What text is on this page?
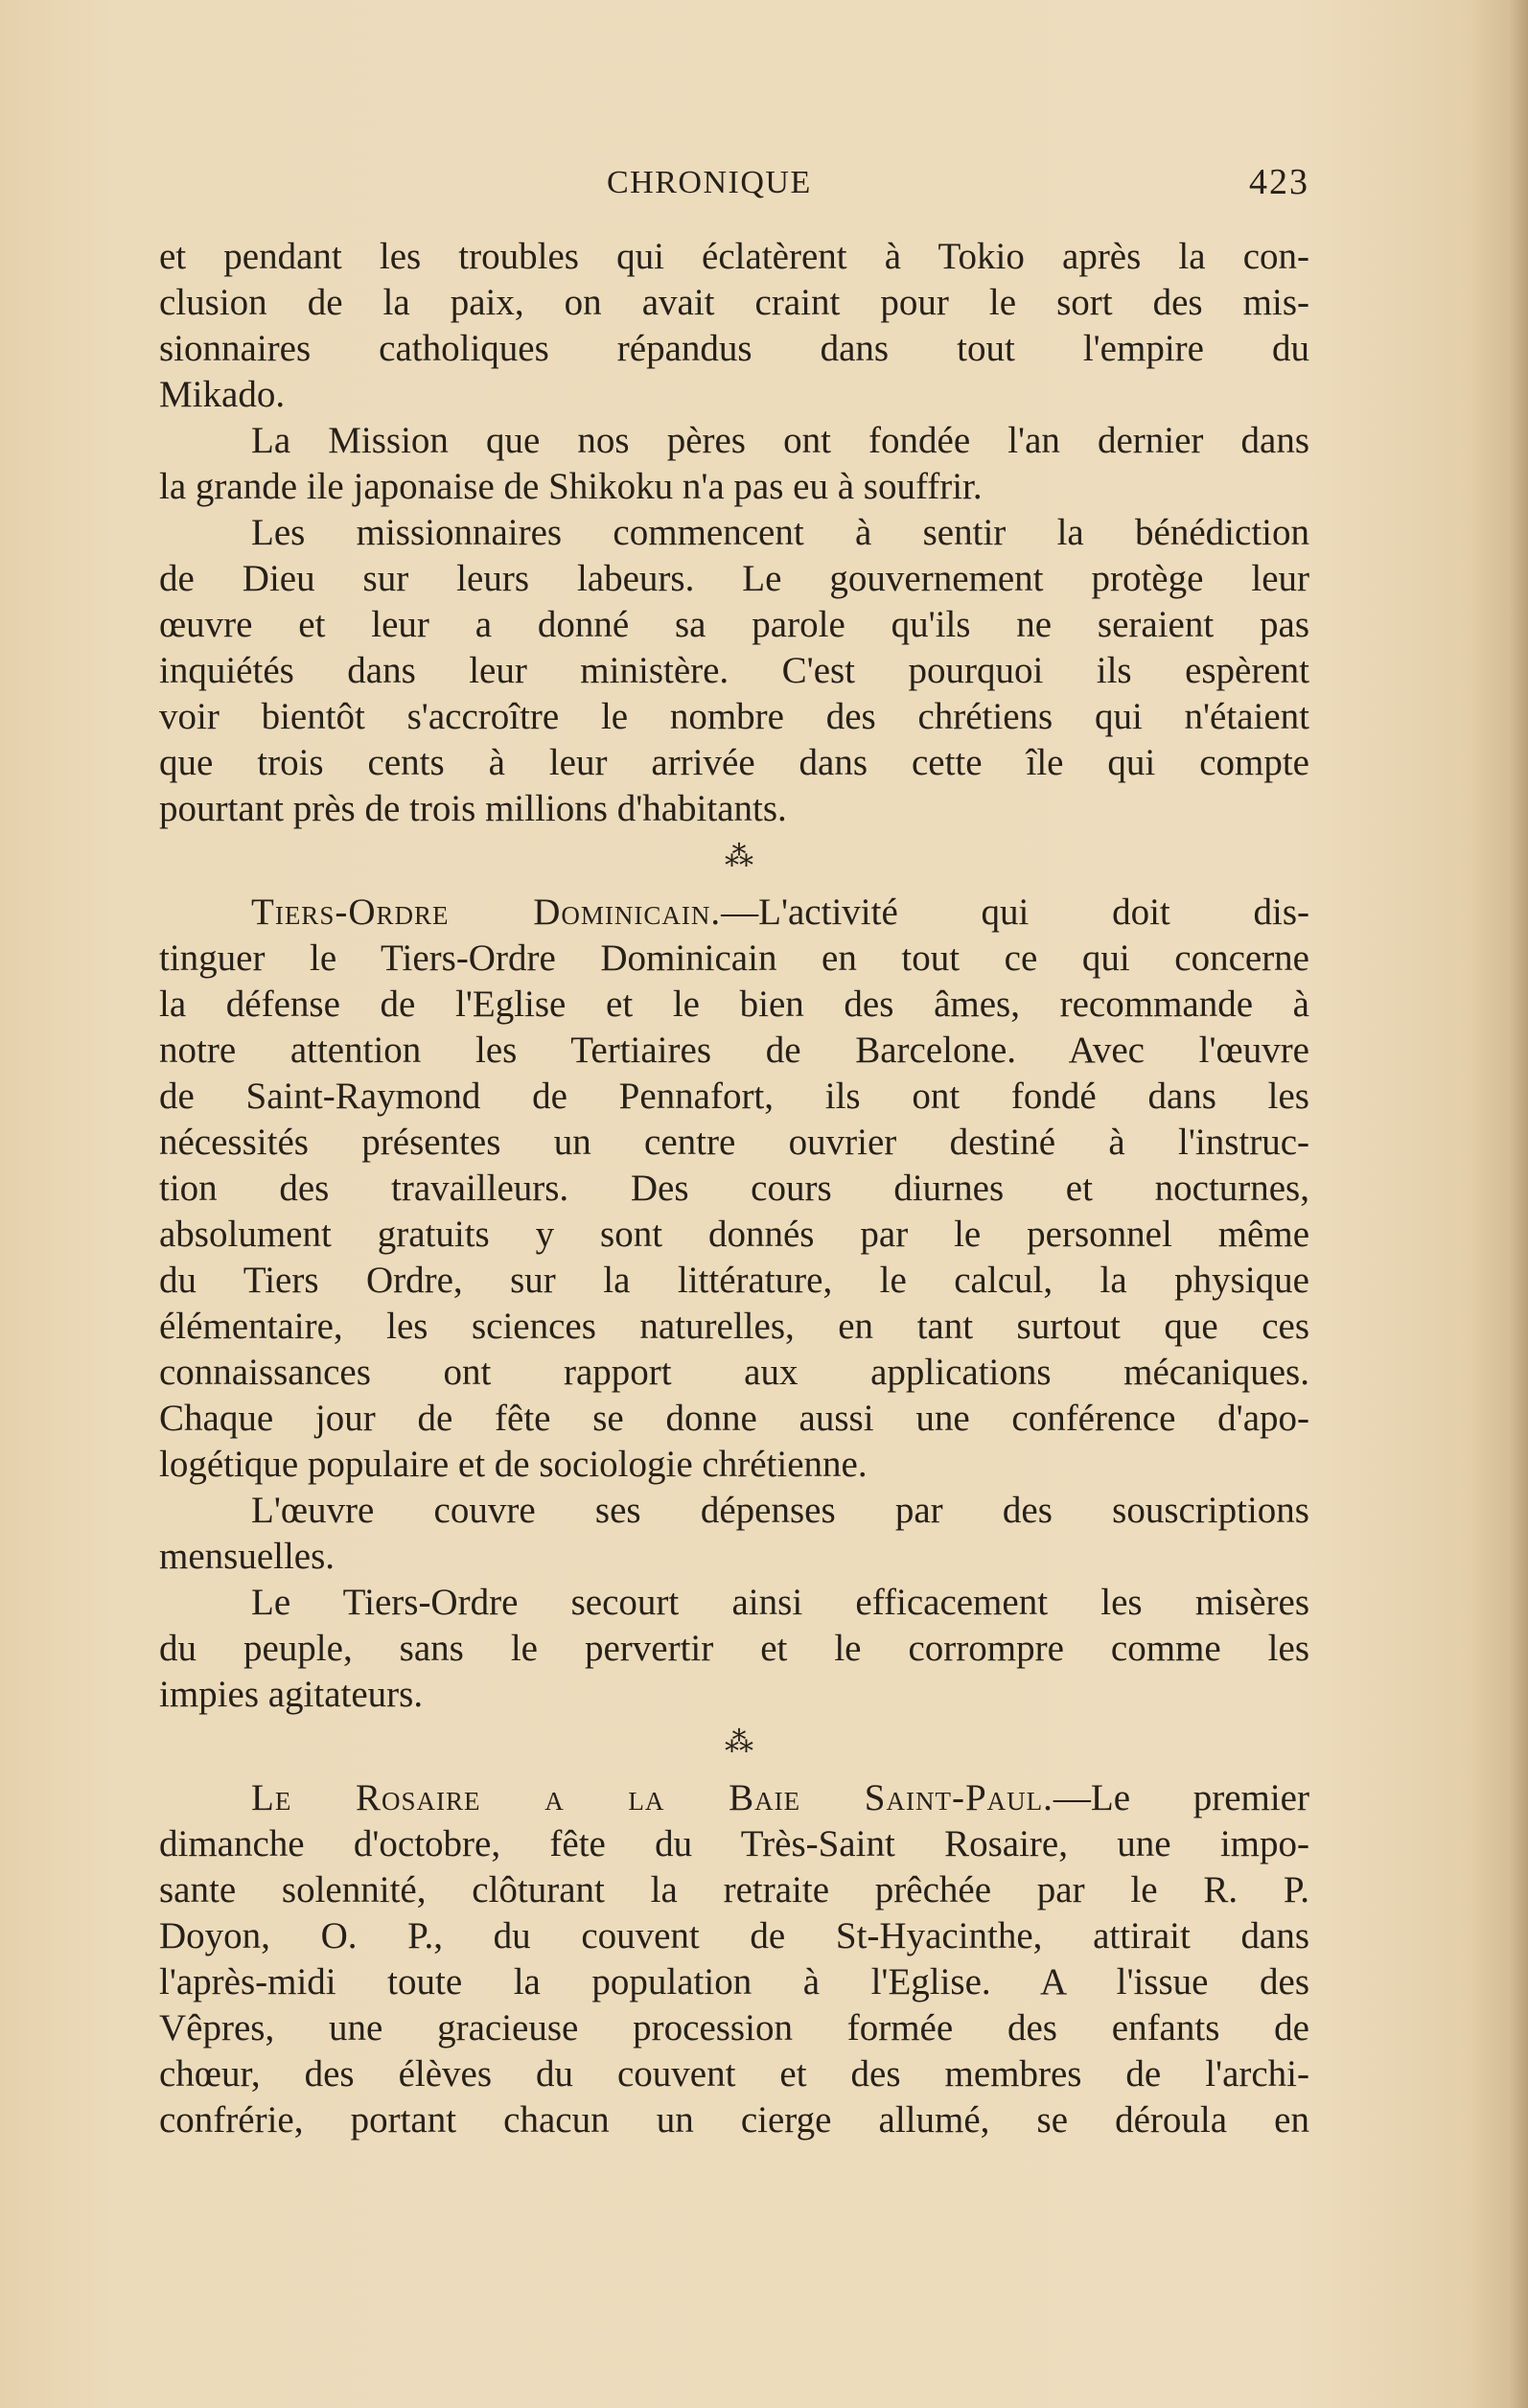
CHRONIQUE	423
et pendant les troubles qui éclatèrent à Tokio après la con-
clusion de la paix, on avait craint pour le sort des mis-
sionnaires catholiques répandus dans tout l'empire du
Mikado.
La Mission que nos pères ont fondée l'an dernier dans
la grande ile japonaise de Shikoku n'a pas eu à souffrir.
Les missionnaires commencent à sentir la bénédiction
de Dieu sur leurs labeurs. Le gouvernement protège leur
œuvre et leur a donné sa parole qu'ils ne seraient pas
inquiétés dans leur ministère. C'est pourquoi ils espèrent
voir bientôt s'accroître le nombre des chrétiens qui n'étaient
que trois cents à leur arrivée dans cette île qui compte
pourtant près de trois millions d'habitants.
⁂
Tiers-Ordre Dominicain.—L'activité qui doit dis-
tinguer le Tiers-Ordre Dominicain en tout ce qui concerne
la défense de l'Eglise et le bien des âmes, recommande à
notre attention les Tertiaires de Barcelone. Avec l'œuvre
de Saint-Raymond de Pennafort, ils ont fondé dans les
nécessités présentes un centre ouvrier destiné à l'instruc-
tion des travailleurs. Des cours diurnes et nocturnes,
absolument gratuits y sont donnés par le personnel même
du Tiers Ordre, sur la littérature, le calcul, la physique
élémentaire, les sciences naturelles, en tant surtout que ces
connaissances ont rapport aux applications mécaniques.
Chaque jour de fête se donne aussi une conférence d'apo-
logétique populaire et de sociologie chrétienne.
L'œuvre couvre ses dépenses par des souscriptions
mensuelles.
Le Tiers-Ordre secourt ainsi efficacement les misères
du peuple, sans le pervertir et le corrompre comme les
impies agitateurs.
⁂
Le Rosaire a la Baie Saint-Paul.—Le premier
dimanche d'octobre, fête du Très-Saint Rosaire, une impo-
sante solennité, clôturant la retraite prêchée par le R. P.
Doyon, O. P., du couvent de St-Hyacinthe, attirait dans
l'après-midi toute la population à l'Eglise. A l'issue des
Vêpres, une gracieuse procession formée des enfants de
chœur, des élèves du couvent et des membres de l'archi-
confrérie, portant chacun un cierge allumé, se déroula en
